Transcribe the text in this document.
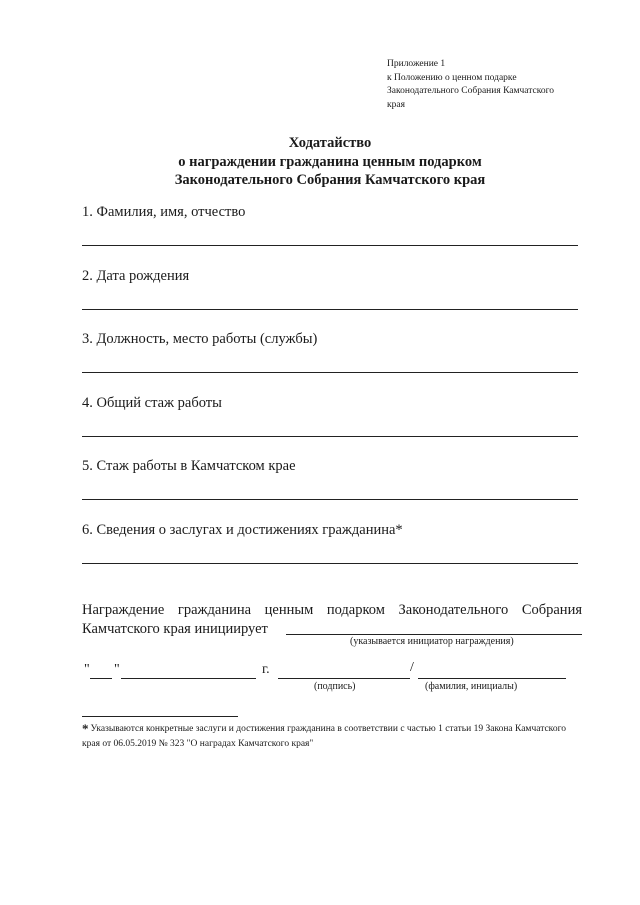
Приложение 1
к Положению о ценном подарке
Законодательного Собрания Камчатского
края
Ходатайство
о награждении гражданина ценным подарком
Законодательного Собрания Камчатского края
1. Фамилия, имя, отчество
2. Дата рождения
3. Должность, место работы (службы)
4. Общий стаж работы
5. Стаж работы в Камчатском крае
6. Сведения о заслугах и достижениях гражданина*
Награждение гражданина ценным подарком Законодательного Собрания Камчатского края инициирует
(указывается инициатор награждения)
" "	г.	/
(подпись)	(фамилия, инициалы)
* Указываются конкретные заслуги и достижения гражданина в соответствии с частью 1 статьи 19 Закона Камчатского края от 06.05.2019 № 323 "О наградах Камчатского края"
